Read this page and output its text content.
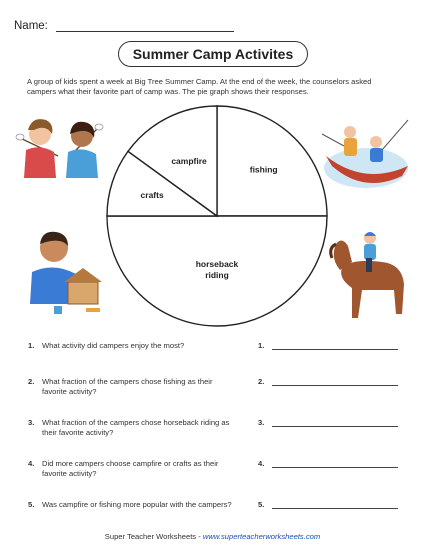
Name:
Summer Camp Activites
A group of kids spent a week at Big Tree Summer Camp. At the end of the week, the counselors asked campers what their favorite part of camp was. The pie graph shows their responses.
fishing
horseback riding
crafts
campfire
1. What activity did campers enjoy the most?	1.
2. What fraction of the campers chose fishing as their favorite activity?
2.
3. What fraction of the campers chose horseback riding as their favorite activity?
3.
4. Did more campers choose campfire or crafts as their favorite activity?
4.
5. Was campfire or fishing more popular with the campers?	5.
Super Teacher Worksheets - www.superteacherworksheets.com
